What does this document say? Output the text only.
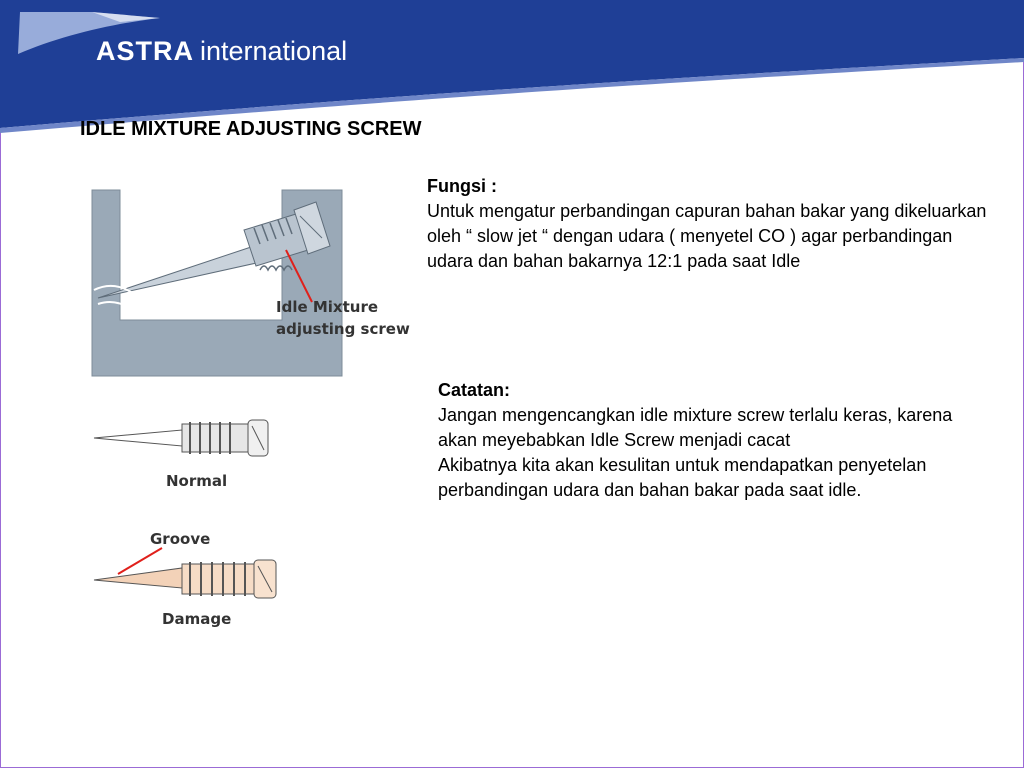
ASTRA international
IDLE MIXTURE ADJUSTING SCREW
Idle Mixture
adjusting screw
Normal
Groove
Damage
Fungsi :
Untuk mengatur perbandingan capuran bahan bakar yang dikeluarkan oleh “ slow jet “ dengan udara ( menyetel CO ) agar perbandingan udara dan bahan bakarnya 12:1 pada saat Idle
Catatan:
Jangan mengencangkan idle mixture screw terlalu keras, karena akan meyebabkan Idle Screw menjadi cacat
Akibatnya kita akan kesulitan untuk mendapatkan penyetelan perbandingan udara dan bahan bakar pada saat idle.
